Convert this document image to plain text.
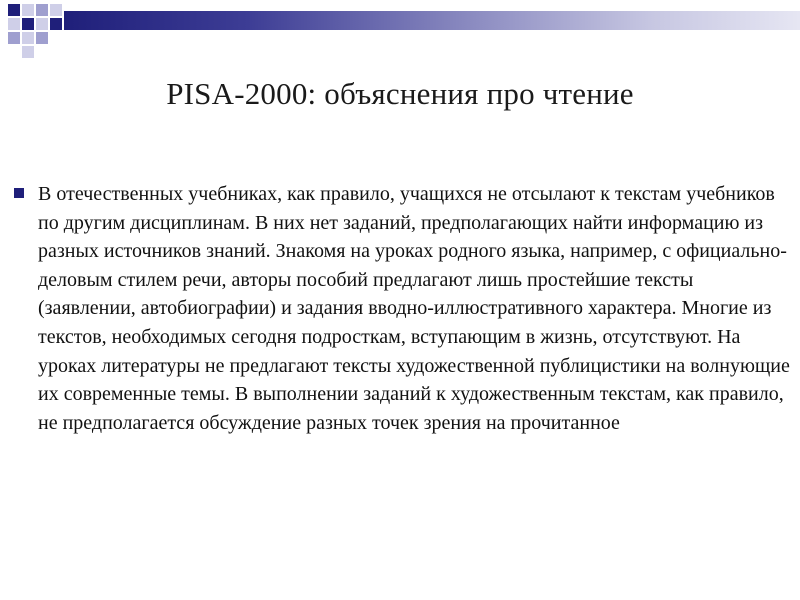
PISA-2000: объяснения про чтение

В отечественных учебниках, как правило, учащихся не отсылают к текстам учебников по другим дисциплинам. В них нет заданий, предполагающих найти информацию из разных источников знаний. Знакомя на уроках родного языка, например, с официально-деловым стилем речи, авторы пособий предлагают лишь простейшие тексты (заявлении, автобиографии) и задания вводно-иллюстративного характера. Многие из текстов, необходимых сегодня подросткам, вступающим в жизнь, отсутствуют. На уроках литературы не предлагают тексты художественной публицистики на волнующие их современные темы. В выполнении заданий к художественным текстам, как правило, не предполагается обсуждение разных точек зрения на прочитанное
